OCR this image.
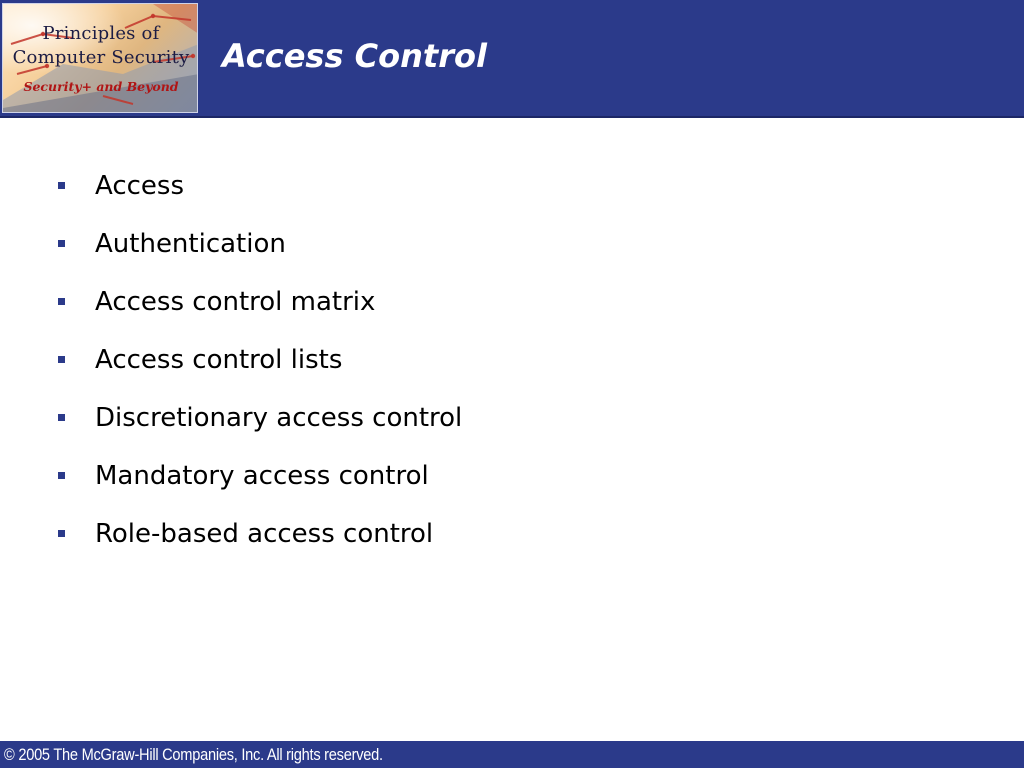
Principles of
Computer Security
Security+ and Beyond
Access Control
Access
Authentication
Access control matrix
Access control lists
Discretionary access control
Mandatory access control
Role-based access control
© 2005 The McGraw-Hill Companies, Inc. All rights reserved.
